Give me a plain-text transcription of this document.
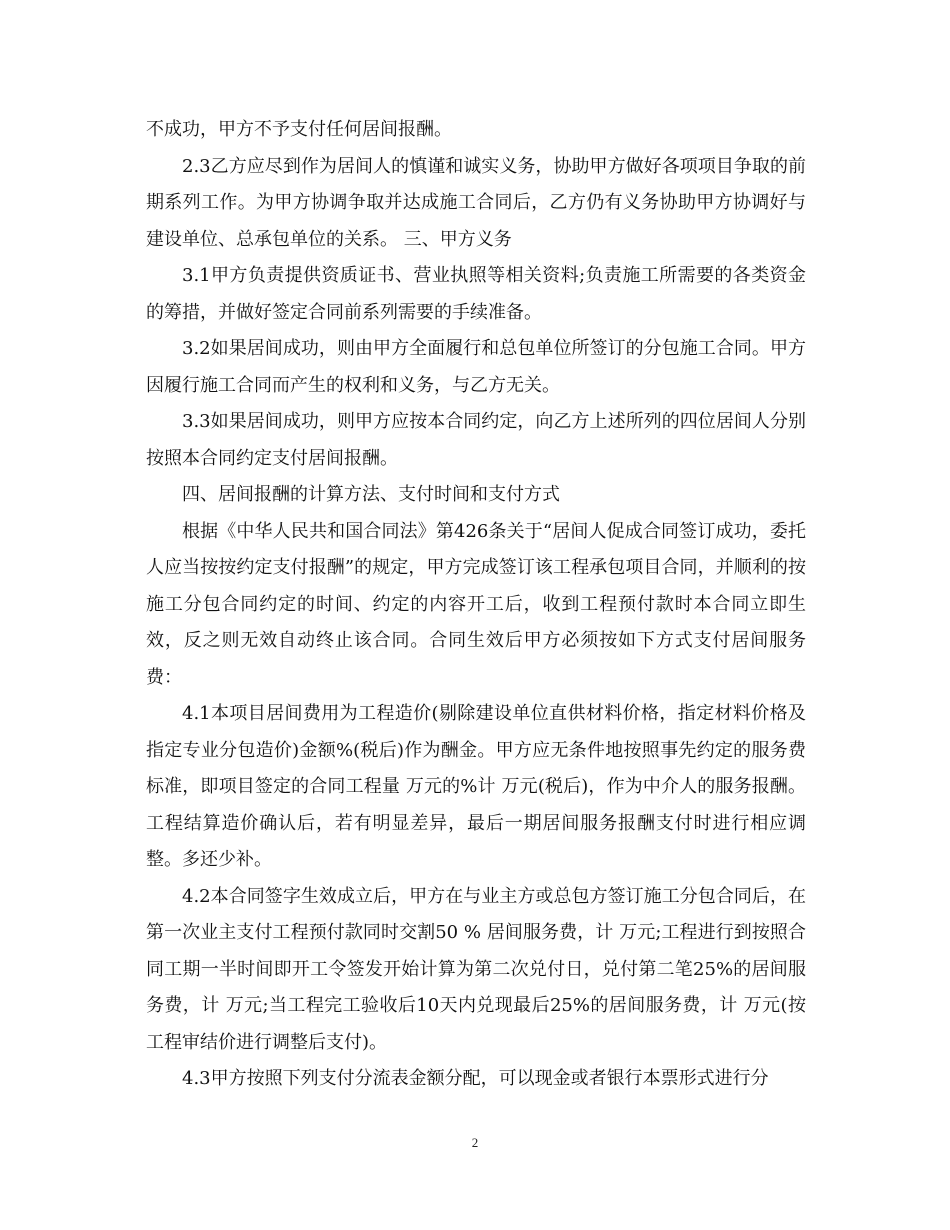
不成功，甲方不予支付任何居间报酬。

2.3乙方应尽到作为居间人的慎谨和诚实义务，协助甲方做好各项项目争取的前期系列工作。为甲方协调争取并达成施工合同后，乙方仍有义务协助甲方协调好与建设单位、总承包单位的关系。 三、甲方义务

3.1甲方负责提供资质证书、营业执照等相关资料;负责施工所需要的各类资金的筹措，并做好签定合同前系列需要的手续准备。

3.2如果居间成功，则由甲方全面履行和总包单位所签订的分包施工合同。甲方因履行施工合同而产生的权利和义务，与乙方无关。

3.3如果居间成功，则甲方应按本合同约定，向乙方上述所列的四位居间人分别按照本合同约定支付居间报酬。

四、居间报酬的计算方法、支付时间和支付方式

根据《中华人民共和国合同法》第426条关于“居间人促成合同签订成功，委托人应当按按约定支付报酬”的规定，甲方完成签订该工程承包项目合同，并顺利的按施工分包合同约定的时间、约定的内容开工后，收到工程预付款时本合同立即生效，反之则无效自动终止该合同。合同生效后甲方必须按如下方式支付居间服务费：

4.1本项目居间费用为工程造价(剔除建设单位直供材料价格，指定材料价格及指定专业分包造价)金额%(税后)作为酬金。甲方应无条件地按照事先约定的服务费标准，即项目签定的合同工程量 万元的%计 万元(税后)，作为中介人的服务报酬。工程结算造价确认后，若有明显差异，最后一期居间服务报酬支付时进行相应调整。多还少补。

4.2本合同签字生效成立后，甲方在与业主方或总包方签订施工分包合同后，在第一次业主支付工程预付款同时交割50 % 居间服务费，计 万元;工程进行到按照合同工期一半时间即开工令签发开始计算为第二次兑付日，兑付第二笔25%的居间服务费，计 万元;当工程完工验收后10天内兑现最后25%的居间服务费，计 万元(按工程审结价进行调整后支付)。

4.3甲方按照下列支付分流表金额分配，可以现金或者银行本票形式进行分

2
